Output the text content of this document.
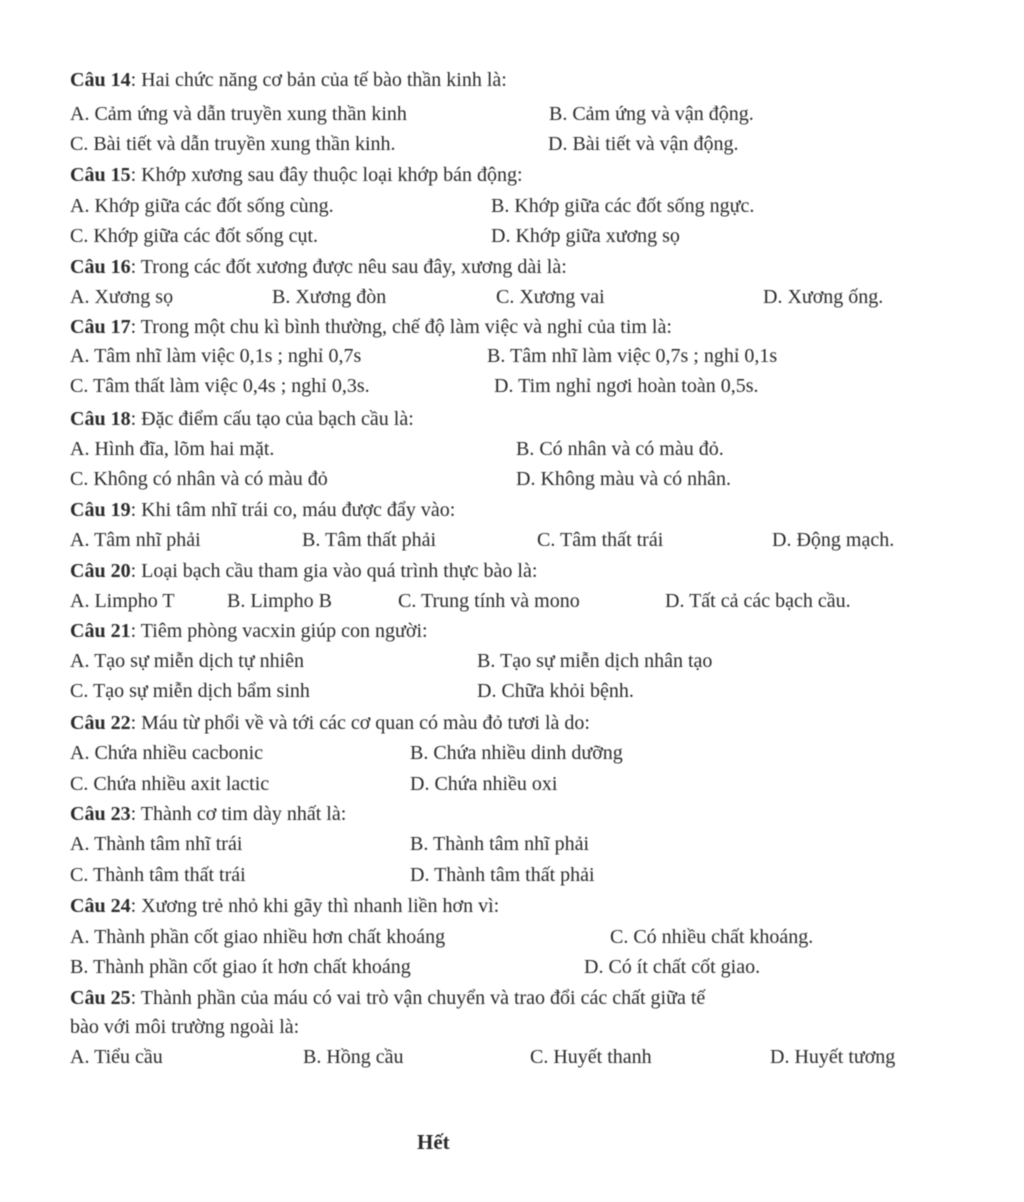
Câu 14: Hai chức năng cơ bản của tế bào thần kinh là:
A. Cảm ứng và dẫn truyền xung thần kinh	B. Cảm ứng và vận động.
C. Bài tiết và dẫn truyền xung thần kinh.	D. Bài tiết và vận động.
Câu 15: Khớp xương sau đây thuộc loại khớp bán động:
A. Khớp giữa các đốt sống cùng.	B. Khớp giữa các đốt sống ngực.
C. Khớp giữa các đốt sống cụt.	D. Khớp giữa xương sọ
Câu 16: Trong các đốt xương được nêu sau đây, xương dài là:
A. Xương sọ	B. Xương đòn	C. Xương vai	D. Xương ống.
Câu 17: Trong một chu kì bình thường, chế độ làm việc và nghỉ của tim là:
A. Tâm nhĩ làm việc 0,1s ; nghỉ 0,7s	B. Tâm nhĩ làm việc 0,7s ; nghỉ 0,1s
C. Tâm thất làm việc 0,4s ; nghỉ 0,3s.	D. Tim nghỉ ngơi hoàn toàn 0,5s.
Câu 18: Đặc điểm cấu tạo của bạch cầu là:
A. Hình đĩa, lõm hai mặt.	B. Có nhân và có màu đỏ.
C. Không có nhân và có màu đỏ	D. Không màu và có nhân.
Câu 19: Khi tâm nhĩ trái co, máu được đẩy vào:
A. Tâm nhĩ phải	B. Tâm thất phải	C. Tâm thất trái	D. Động mạch.
Câu 20: Loại bạch cầu tham gia vào quá trình thực bào là:
A. Limpho T	B. Limpho B	C. Trung tính và mono	D. Tất cả các bạch cầu.
Câu 21: Tiêm phòng vacxin giúp con người:
A. Tạo sự miễn dịch tự nhiên	B. Tạo sự miễn dịch nhân tạo
C. Tạo sự miễn dịch bẩm sinh	D. Chữa khỏi bệnh.
Câu 22: Máu từ phổi về và tới các cơ quan có màu đỏ tươi là do:
A. Chứa nhiều cacbonic	B. Chứa nhiều dinh dưỡng
C. Chứa nhiều axit lactic	D. Chứa nhiều oxi
Câu 23: Thành cơ tim dày nhất là:
A. Thành tâm nhĩ trái	B. Thành tâm nhĩ phải
C. Thành tâm thất trái	D. Thành tâm thất phải
Câu 24: Xương trẻ nhỏ khi gãy thì nhanh liền hơn vì:
A. Thành phần cốt giao nhiều hơn chất khoáng	C. Có nhiều chất khoáng.
B. Thành phần cốt giao ít hơn chất khoáng	D. Có ít chất cốt giao.
Câu 25: Thành phần của máu có vai trò vận chuyển và trao đổi các chất giữa tế
bào với môi trường ngoài là:
A. Tiểu cầu	B. Hồng cầu	C. Huyết thanh	D. Huyết tương
Hết
